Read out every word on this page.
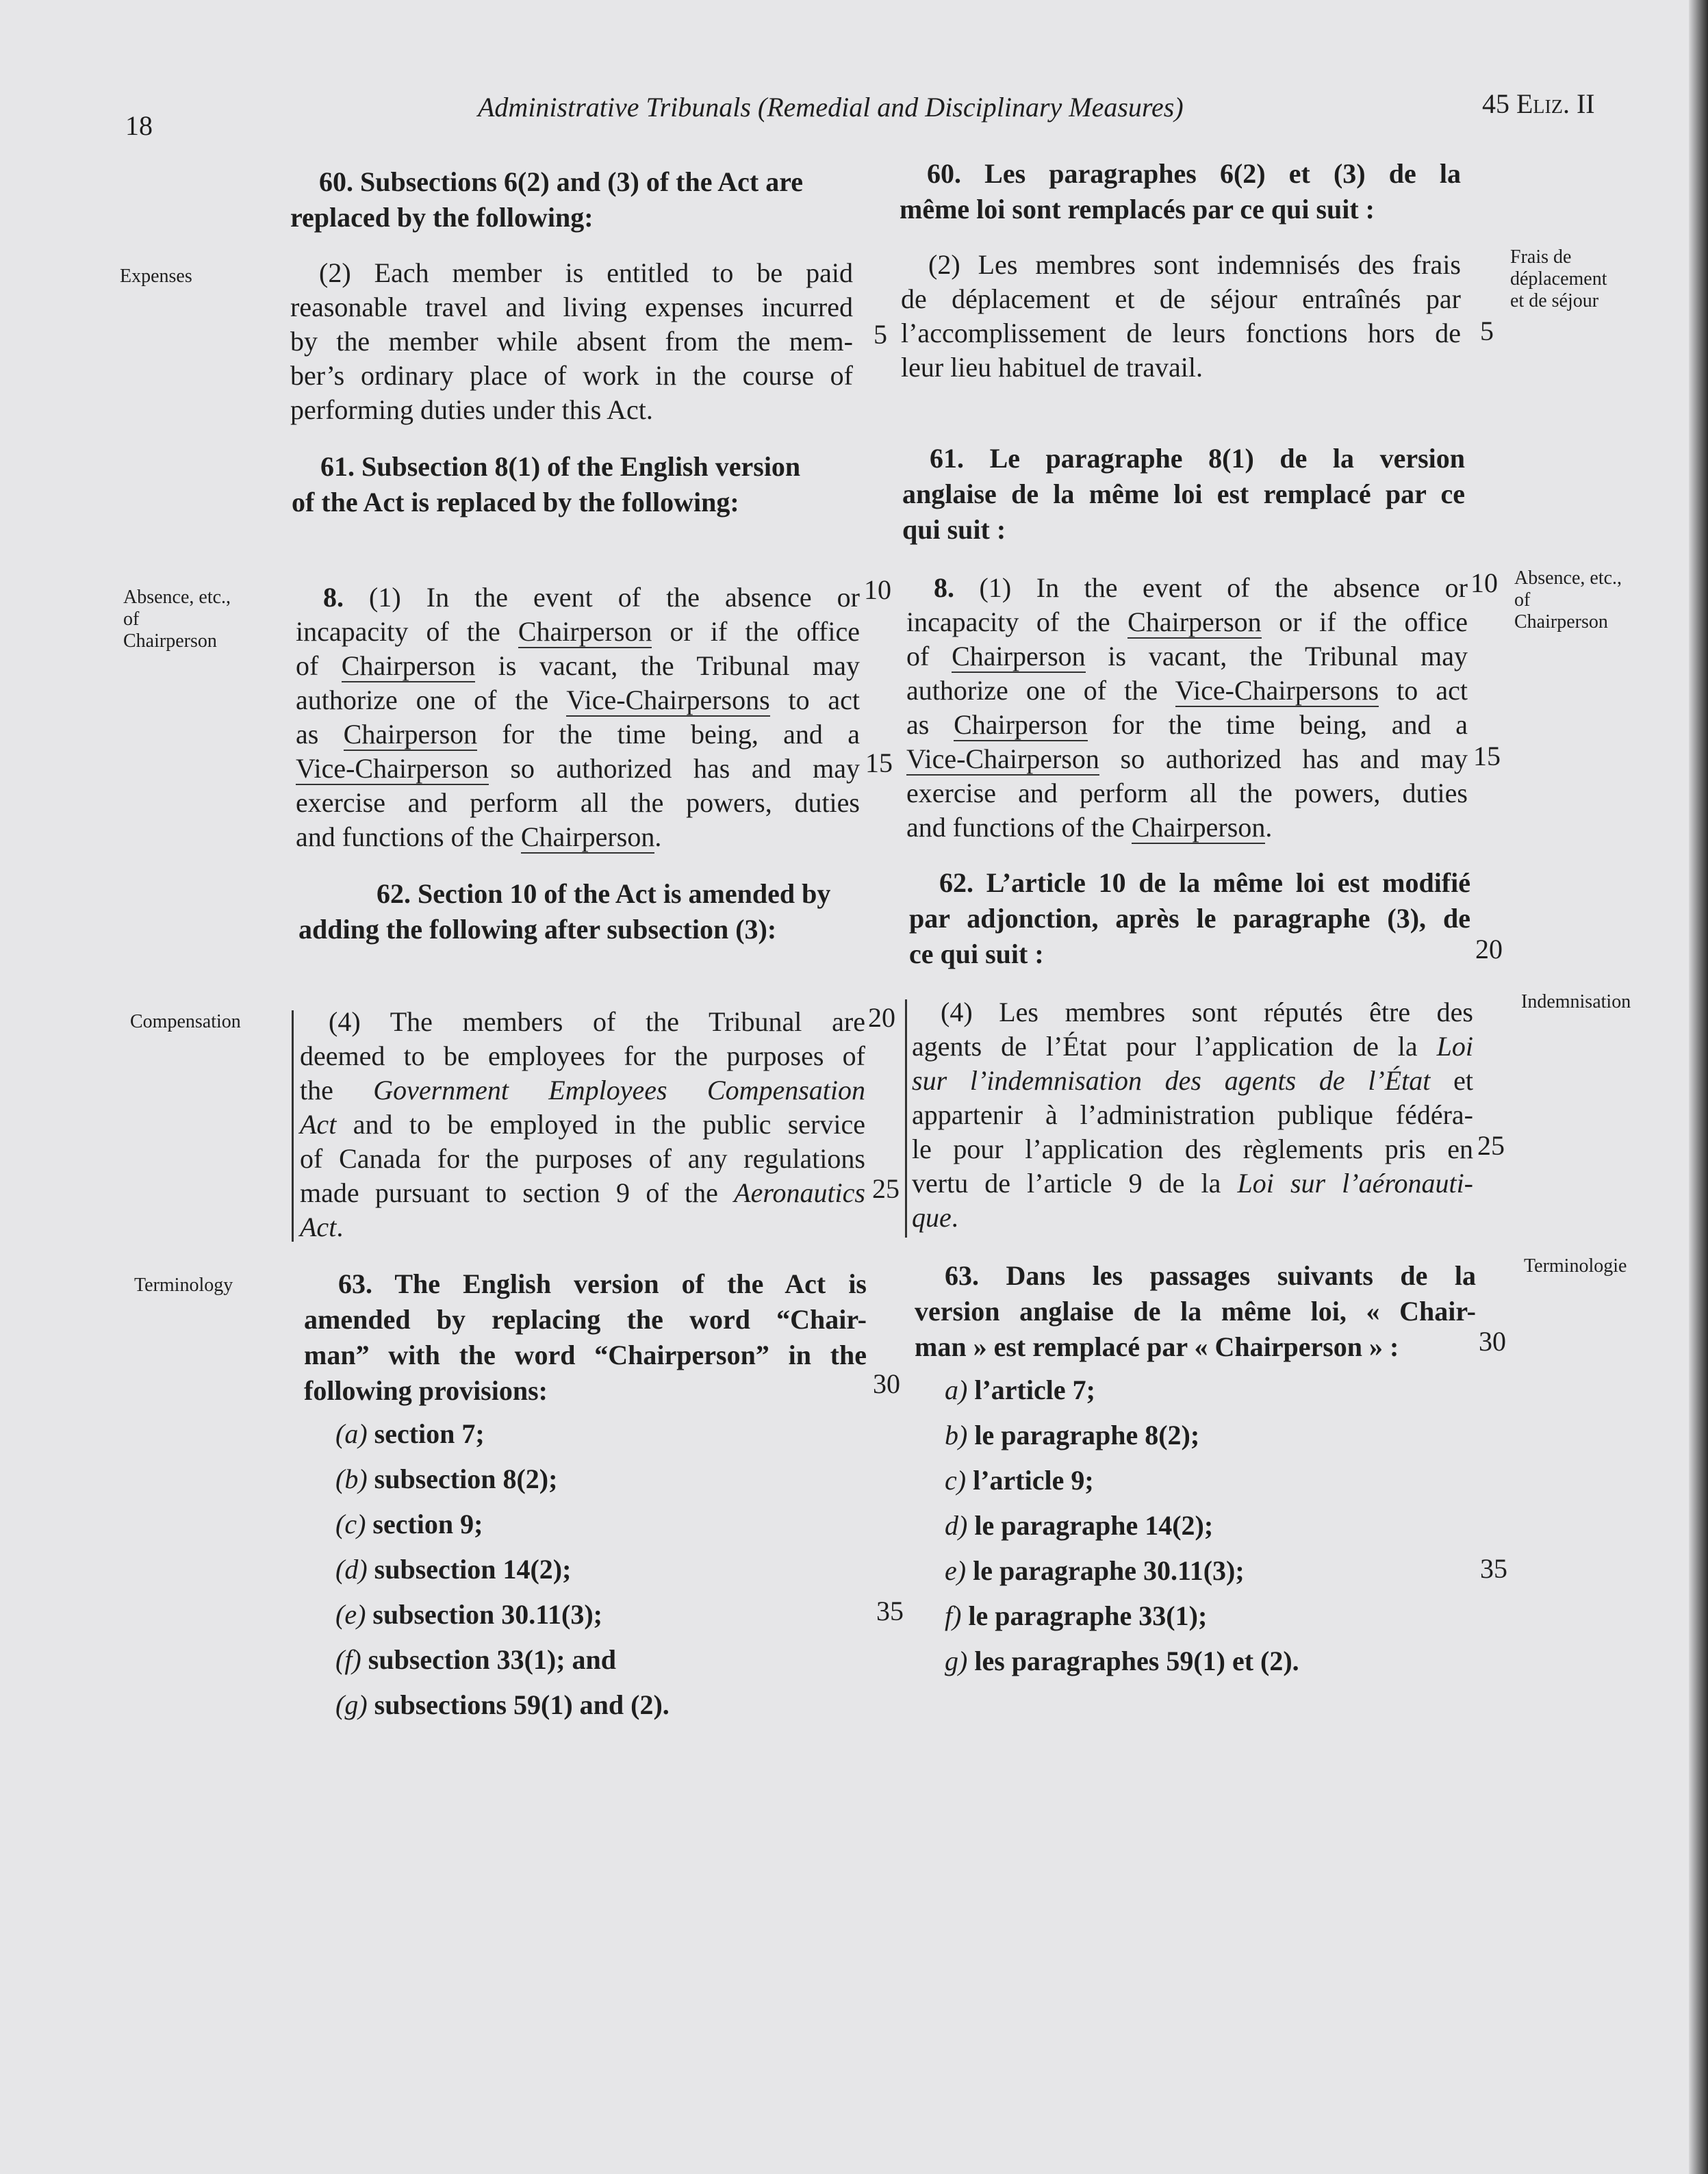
18
Administrative Tribunals (Remedial and Disciplinary Measures)	45 Eliz. II
Expenses
Frais de
déplacement
et de séjour
Absence, etc.,
of
Chairperson
Absence, etc.,
of
Chairperson
Compensation
Indemnisation
Terminology
Terminologie
5	5
10	10
15	15
20
20
25
25
30
30
35
35
60. Subsections 6(2) and (3) of the Act are
replaced by the following:
(2) Each member is entitled to be paid
reasonable travel and living expenses incurred
by the member while absent from the mem-
ber’s ordinary place of work in the course of
performing duties under this Act.
61. Subsection 8(1) of the English version
of the Act is replaced by the following:
8. (1) In the event of the absence or
incapacity of the Chairperson or if the office
of Chairperson is vacant, the Tribunal may
authorize one of the Vice-Chairpersons to act
as Chairperson for the time being, and a
Vice-Chairperson so authorized has and may
exercise and perform all the powers, duties
and functions of the Chairperson.
62. Section 10 of the Act is amended by
adding the following after subsection (3):
(4) The members of the Tribunal are
deemed to be employees for the purposes of
the Government Employees Compensation
Act and to be employed in the public service
of Canada for the purposes of any regulations
made pursuant to section 9 of the Aeronautics
Act.
63. The English version of the Act is
amended by replacing the word “Chair-
man” with the word “Chairperson” in the
following provisions:
(a) section 7;
(b) subsection 8(2);
(c) section 9;
(d) subsection 14(2);
(e) subsection 30.11(3);
(f) subsection 33(1); and
(g) subsections 59(1) and (2).
60. Les paragraphes 6(2) et (3) de la
même loi sont remplacés par ce qui suit :
(2) Les membres sont indemnisés des frais
de déplacement et de séjour entraînés par
l’accomplissement de leurs fonctions hors de
leur lieu habituel de travail.
61. Le paragraphe 8(1) de la version
anglaise de la même loi est remplacé par ce
qui suit :
8. (1) In the event of the absence or
incapacity of the Chairperson or if the office
of Chairperson is vacant, the Tribunal may
authorize one of the Vice-Chairpersons to act
as Chairperson for the time being, and a
Vice-Chairperson so authorized has and may
exercise and perform all the powers, duties
and functions of the Chairperson.
62. L’article 10 de la même loi est modifié
par adjonction, après le paragraphe (3), de
ce qui suit :
(4) Les membres sont réputés être des
agents de l’État pour l’application de la Loi
sur l’indemnisation des agents de l’État et
appartenir à l’administration publique fédéra-
le pour l’application des règlements pris en
vertu de l’article 9 de la Loi sur l’aéronauti-
que.
63. Dans les passages suivants de la
version anglaise de la même loi, « Chair-
man » est remplacé par « Chairperson » :
a) l’article 7;
b) le paragraphe 8(2);
c) l’article 9;
d) le paragraphe 14(2);
e) le paragraphe 30.11(3);
f) le paragraphe 33(1);
g) les paragraphes 59(1) et (2).
